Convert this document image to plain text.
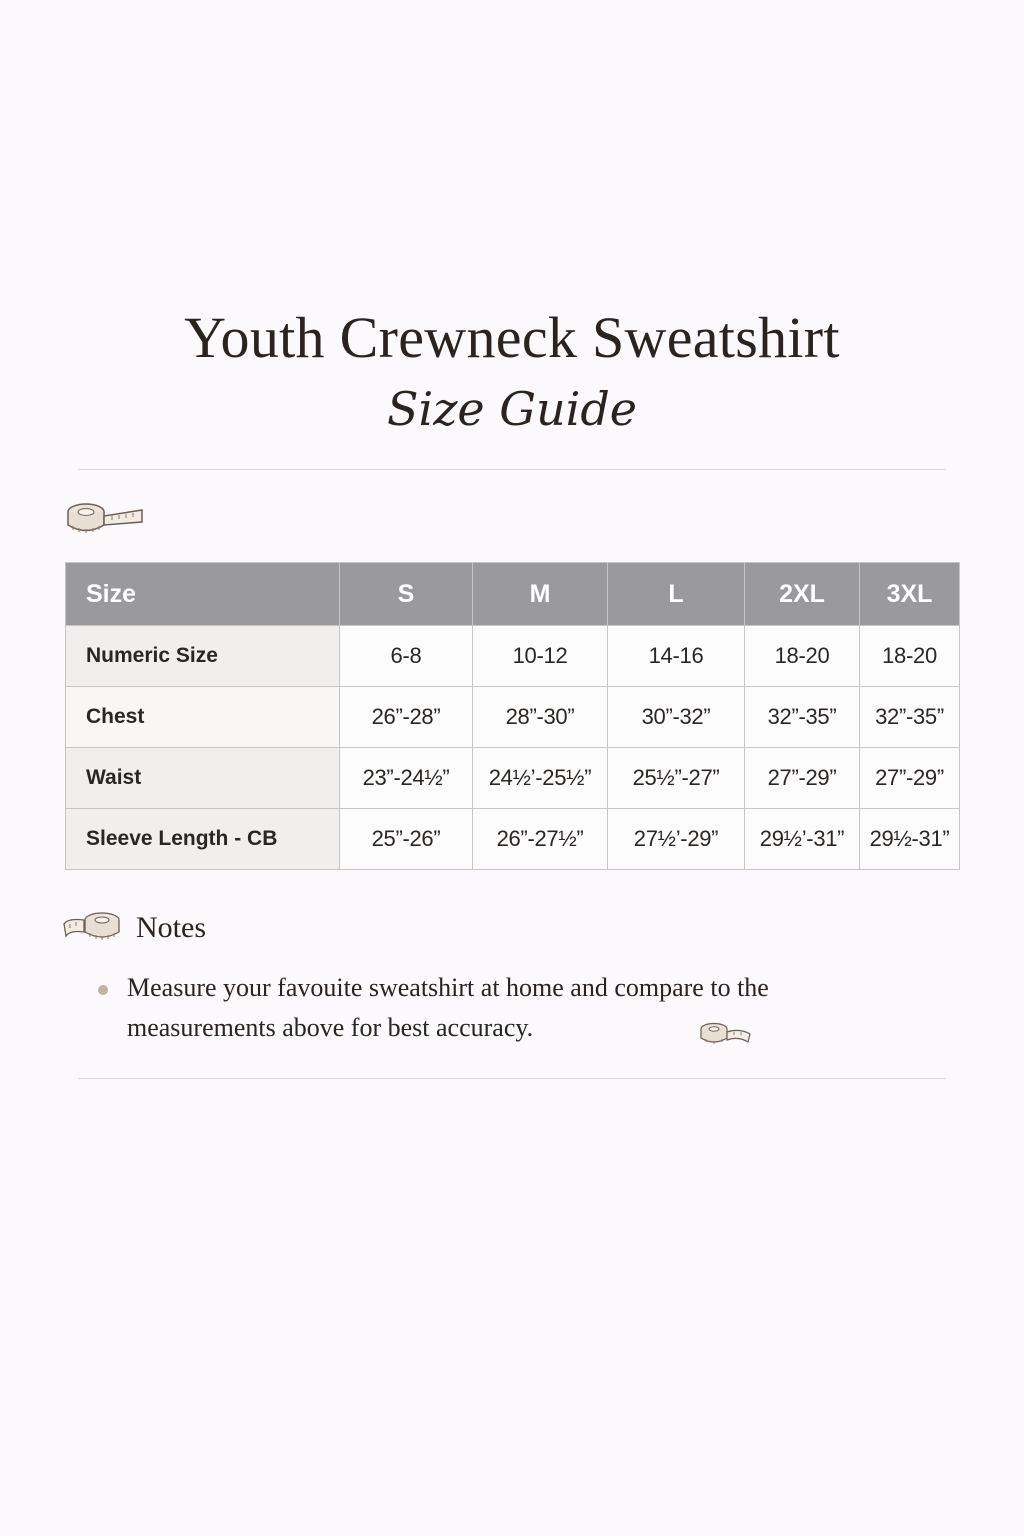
Youth Crewneck Sweatshirt
Size Guide
Size	S	M	L	2XL	3XL
Numeric Size	6-8	10-12	14-16	18-20	18-20
Chest	26”-28”	28”-30”	30”-32”	32”-35”	32”-35”
Waist	23”-24½”	24½’-25½”	25½”-27”	27”-29”	27”-29”
Sleeve Length - CB	25”-26”	26”-27½”	27½’-29”	29½’-31”	29½-31”
Notes
Measure your favouite sweatshirt at home and compare to the measurements above for best accuracy.
